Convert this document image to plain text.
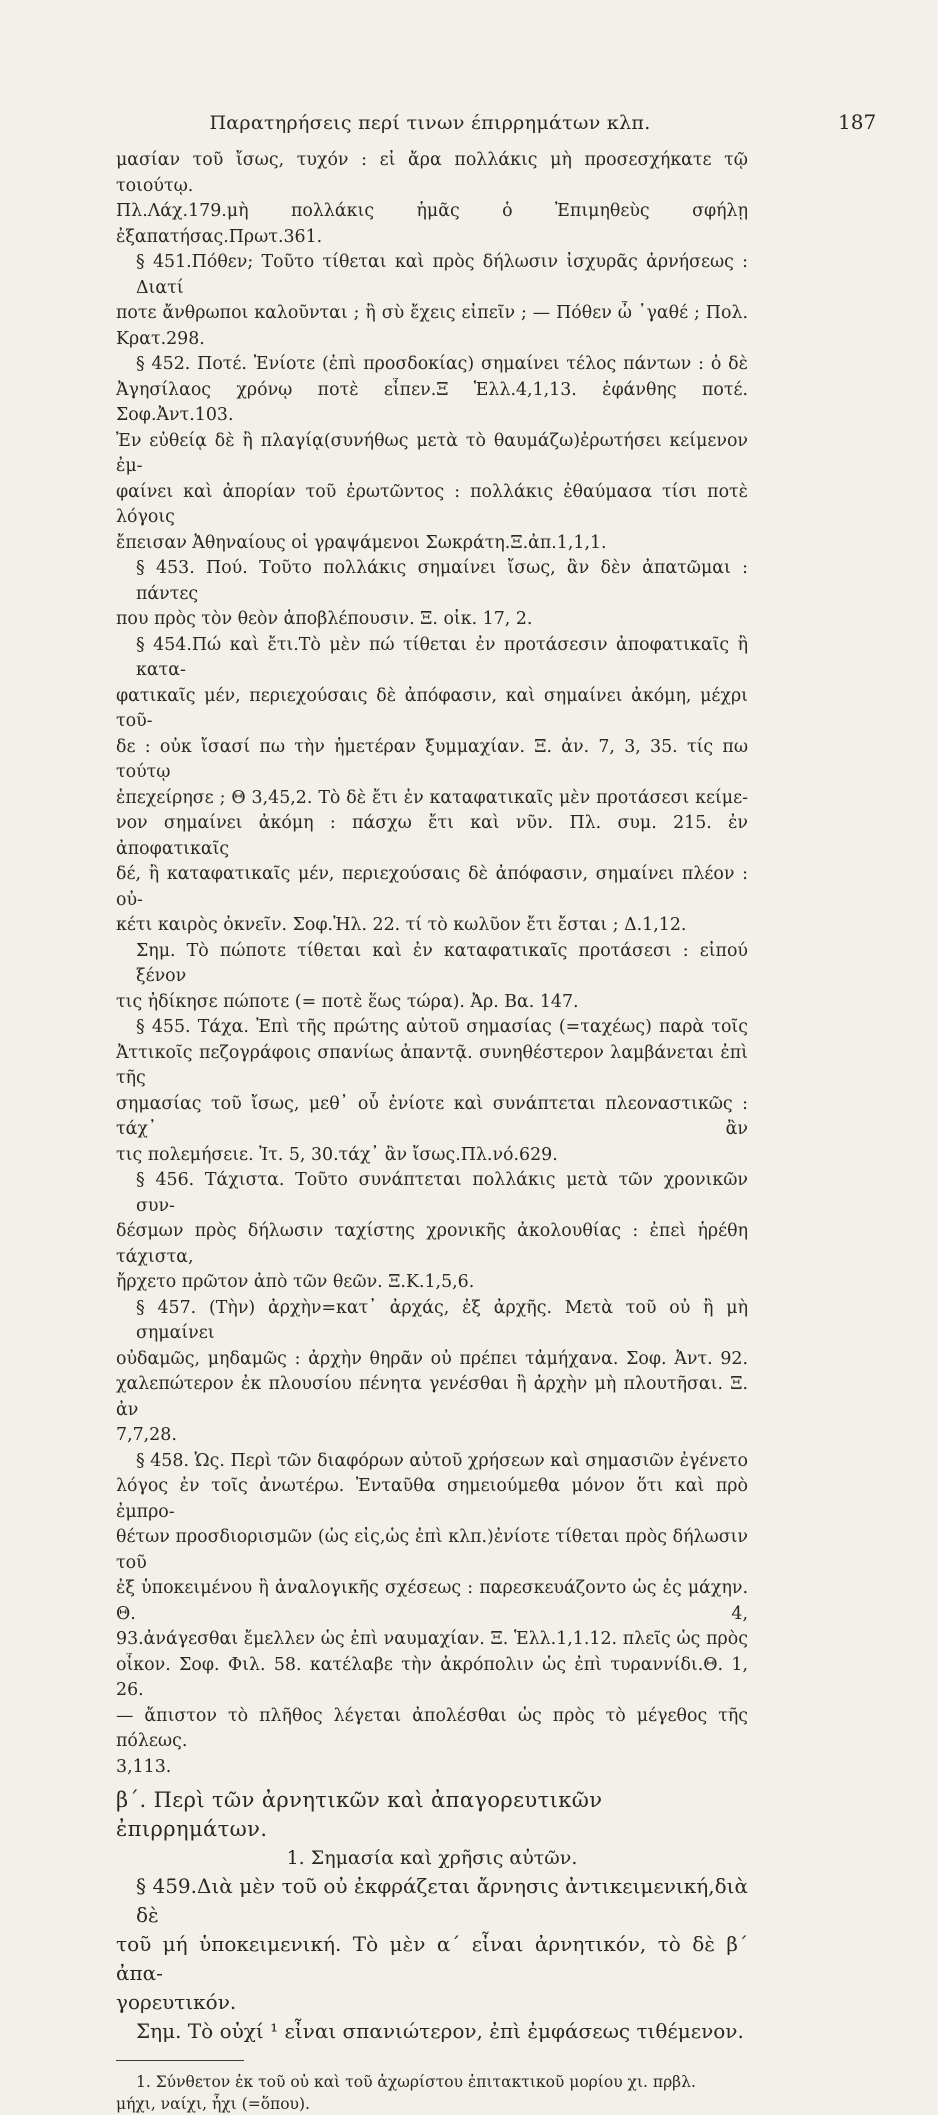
Παρατηρήσεις περί τινων έπιρρημάτων κλπ.	187
μασίαν τοῦ ἴσως, τυχόν : εἰ ἄρα πολλάκις μὴ προσεσχήκατε τῷ τοιούτῳ.
Πλ.Λάχ.179.μὴ πολλάκις ἡμᾶς ὁ Ἐπιμηθεὺς σφήλῃ ἐξαπατήσας.Πρωτ.361.
§ 451.Πόθεν; Τοῦτο τίθεται καὶ πρὸς δήλωσιν ἰσχυρᾶς ἀρνήσεως : Διατί
ποτε ἄνθρωποι καλοῦνται ; ἢ σὺ ἔχεις εἰπεῖν ; — Πόθεν ὦ ᾽γαθέ ; Πολ.
Κρατ.298.
§ 452. Ποτέ. Ἐνίοτε (ἐπὶ προσδοκίας) σημαίνει τέλος πάντων : ὁ δὲ
Ἀγησίλαος χρόνῳ ποτὲ εἶπεν.Ξ Ἑλλ.4,1,13. ἐφάνθης ποτέ. Σοφ.Ἀντ.103.
Ἐν εὐθείᾳ δὲ ἢ πλαγίᾳ(συνήθως μετὰ τὸ θαυμάζω)ἐρωτήσει κείμενον ἐμ-
φαίνει καὶ ἀπορίαν τοῦ ἐρωτῶντος : πολλάκις ἐθαύμασα τίσι ποτὲ λόγοις
ἔπεισαν Ἀθηναίους οἱ γραψάμενοι Σωκράτη.Ξ.ἀπ.1,1,1.
§ 453. Πού. Τοῦτο πολλάκις σημαίνει ἴσως, ἂν δὲν ἀπατῶμαι : πάντες
που πρὸς τὸν θεὸν ἀποβλέπουσιν. Ξ. οἰκ. 17, 2.
§ 454.Πώ καὶ ἔτι.Τὸ μὲν πώ τίθεται ἐν προτάσεσιν ἀποφατικαῖς ἢ κατα-
φατικαῖς μέν, περιεχούσαις δὲ ἀπόφασιν, καὶ σημαίνει ἀκόμη, μέχρι τοῦ-
δε : οὐκ ἴσασί πω τὴν ἡμετέραν ξυμμαχίαν. Ξ. ἀν. 7, 3, 35. τίς πω τούτῳ
ἐπεχείρησε ; Θ 3,45,2. Τὸ δὲ ἔτι ἐν καταφατικαῖς μὲν προτάσεσι κείμε-
νον σημαίνει ἀκόμη : πάσχω ἔτι καὶ νῦν. Πλ. συμ. 215. ἐν ἀποφατικαῖς
δέ, ἢ καταφατικαῖς μέν, περιεχούσαις δὲ ἀπόφασιν, σημαίνει πλέον : οὐ-
κέτι καιρὸς ὀκνεῖν. Σοφ.Ἠλ. 22. τί τὸ κωλῦον ἔτι ἔσται ; Δ.1,12.
Σημ. Τὸ πώποτε τίθεται καὶ ἐν καταφατικαῖς προτάσεσι : εἰπού ξένον
τις ἠδίκησε πώποτε (= ποτὲ ἕως τώρα). Ἀρ. Βα. 147.
§ 455. Τάχα. Ἐπὶ τῆς πρώτης αὐτοῦ σημασίας (=ταχέως) παρὰ τοῖς
Ἀττικοῖς πεζογράφοις σπανίως ἀπαντᾷ. συνηθέστερον λαμβάνεται ἐπὶ τῆς
σημασίας τοῦ ἴσως, μεθ᾽ οὗ ἐνίοτε καὶ συνάπτεται πλεοναστικῶς : τάχ᾽ ἂν
τις πολεμήσειε. Ἰτ. 5, 30.τάχ᾽ ἂν ἴσως.Πλ.νό.629.
§ 456. Τάχιστα. Τοῦτο συνάπτεται πολλάκις μετὰ τῶν χρονικῶν συν-
δέσμων πρὸς δήλωσιν ταχίστης χρονικῆς ἀκολουθίας : ἐπεὶ ἡρέθη τάχιστα,
ἤρχετο πρῶτον ἀπὸ τῶν θεῶν. Ξ.Κ.1,5,6.
§ 457. (Τὴν) ἀρχὴν=κατ᾽ ἀρχάς, ἐξ ἀρχῆς. Μετὰ τοῦ οὐ ἢ μὴ σημαίνει
οὐδαμῶς, μηδαμῶς : ἀρχὴν θηρᾶν οὐ πρέπει τἀμήχανα. Σοφ. Ἀντ. 92.
χαλεπώτερον ἐκ πλουσίου πένητα γενέσθαι ἢ ἀρχὴν μὴ πλουτῆσαι. Ξ. ἀν
7,7,28.
§ 458. Ὡς. Περὶ τῶν διαφόρων αὐτοῦ χρήσεων καὶ σημασιῶν ἐγένετο
λόγος ἐν τοῖς ἀνωτέρω. Ἐνταῦθα σημειούμεθα μόνον ὅτι καὶ πρὸ ἐμπρο-
θέτων προσδιορισμῶν (ὡς εἰς,ὡς ἐπὶ κλπ.)ἐνίοτε τίθεται πρὸς δήλωσιν τοῦ
ἐξ ὑποκειμένου ἢ ἀναλογικῆς σχέσεως : παρεσκευάζοντο ὡς ἐς μάχην. Θ. 4,
93.ἀνάγεσθαι ἔμελλεν ὡς ἐπὶ ναυμαχίαν. Ξ. Ἑλλ.1,1.12. πλεῖς ὡς πρὸς
οἶκον. Σοφ. Φιλ. 58. κατέλαβε τὴν ἀκρόπολιν ὡς ἐπὶ τυραννίδι.Θ. 1, 26.
— ἄπιστον τὸ πλῆθος λέγεται ἀπολέσθαι ὡς πρὸς τὸ μέγεθος τῆς πόλεως.
3,113.
β΄. Περὶ τῶν ἀρνητικῶν καὶ ἀπαγορευτικῶν ἐπιρρημάτων.
1. Σημασία καὶ χρῆσις αὐτῶν.
§ 459.Διὰ μὲν τοῦ οὐ ἐκφράζεται ἄρνησις ἀντικειμενική,διὰ δὲ
τοῦ μή ὑποκειμενική. Τὸ μὲν α΄ εἶναι ἀρνητικόν, τὸ δὲ β΄ ἀπα-
γορευτικόν.
Σημ. Τὸ οὐχί ¹ εἶναι σπανιώτερον, ἐπὶ ἐμφάσεως τιθέμενον.
1. Σύνθετον ἐκ τοῦ οὐ καὶ τοῦ ἀχωρίστου ἐπιτακτικοῦ μορίου χι. πρβλ.
μήχι, ναίχι, ἧχι (=ὅπου).
